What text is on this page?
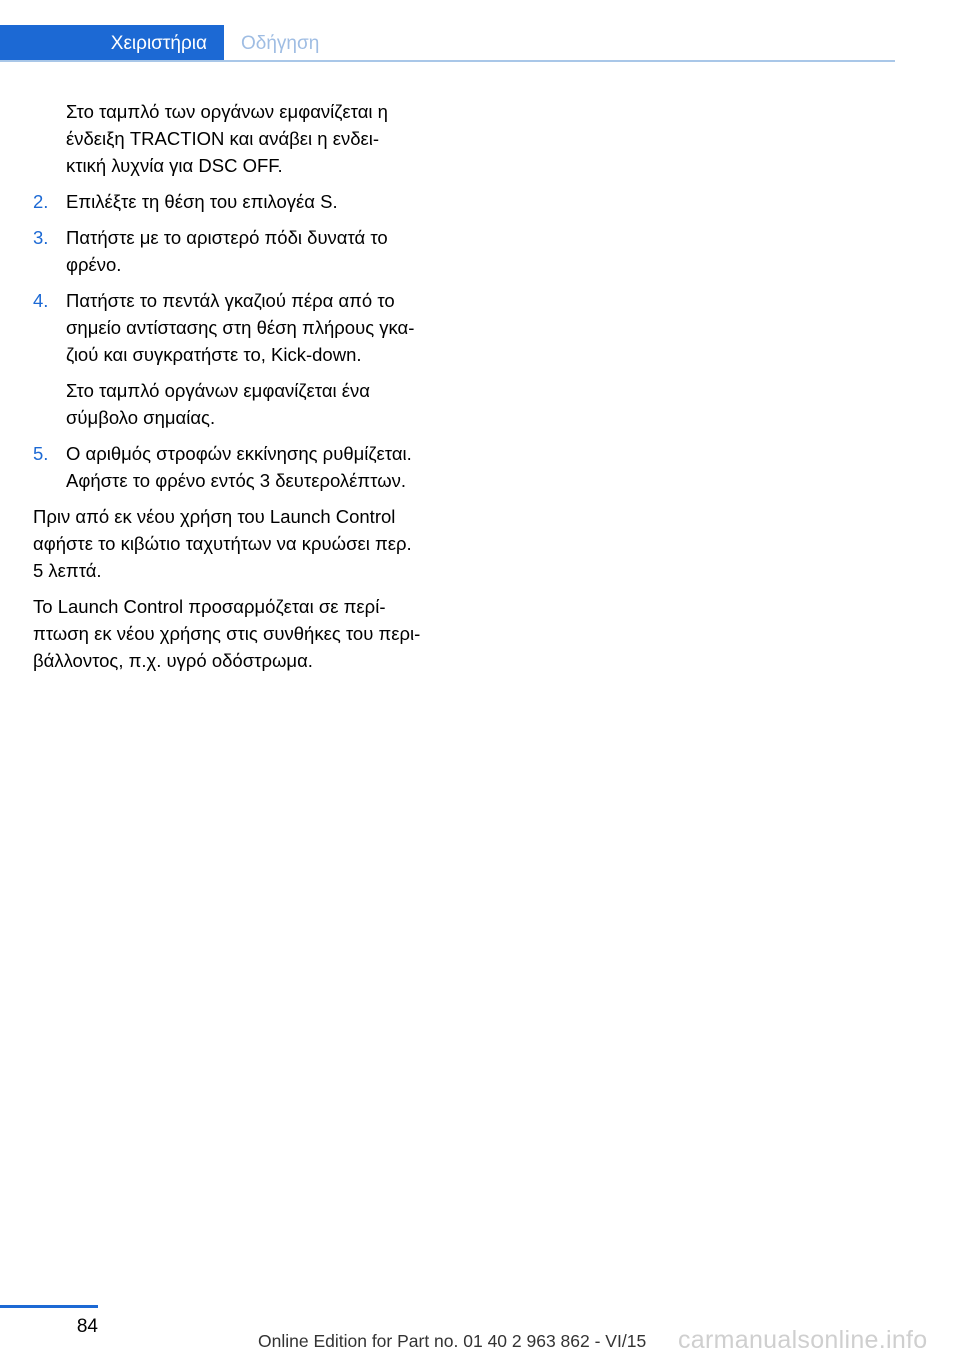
Χειριστήρια	Οδήγηση
Στο ταμπλό των οργάνων εμφανίζεται η
ένδειξη TRACTION και ανάβει η ενδει‐
κτική λυχνία για DSC OFF.
2. Επιλέξτε τη θέση του επιλογέα S.
3. Πατήστε με το αριστερό πόδι δυνατά το
φρένο.
4. Πατήστε το πεντάλ γκαζιού πέρα από το
σημείο αντίστασης στη θέση πλήρους γκα‐
ζιού και συγκρατήστε το, Kick-down.
Στο ταμπλό οργάνων εμφανίζεται ένα
σύμβολο σημαίας.
5. Ο αριθμός στροφών εκκίνησης ρυθμίζεται.
Αφήστε το φρένο εντός 3 δευτερολέπτων.
Πριν από εκ νέου χρήση του Launch Control
αφήστε το κιβώτιο ταχυτήτων να κρυώσει περ.
5 λεπτά.
Το Launch Control προσαρμόζεται σε περί‐
πτωση εκ νέου χρήσης στις συνθήκες του περι‐
βάλλοντος, π.χ. υγρό οδόστρωμα.
84
Online Edition for Part no. 01 40 2 963 862 - VI/15 carmanualsonline.info
